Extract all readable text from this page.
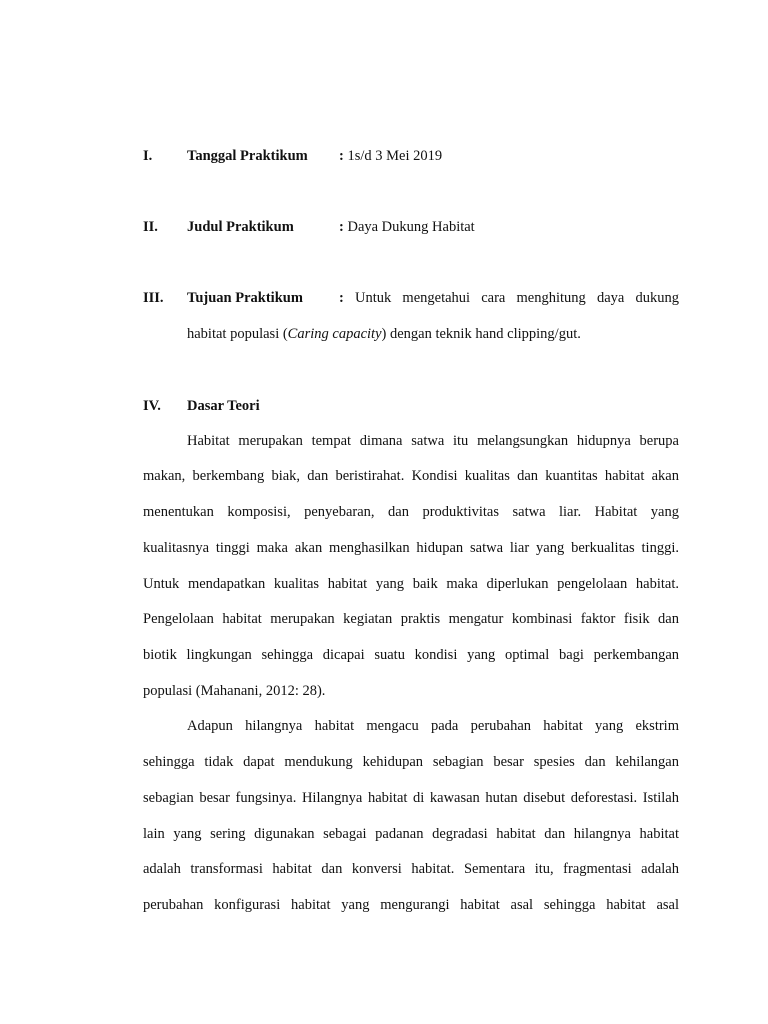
I. Tanggal Praktikum : 1s/d 3 Mei 2019
II. Judul Praktikum	: Daya Dukung Habitat
III. Tujuan Praktikum : Untuk mengetahui cara menghitung daya dukung
habitat populasi (Caring capacity) dengan teknik hand clipping/gut.
IV. Dasar Teori
Habitat merupakan tempat dimana satwa itu melangsungkan hidupnya berupa
makan, berkembang biak, dan beristirahat. Kondisi kualitas dan kuantitas habitat akan
menentukan komposisi, penyebaran, dan produktivitas satwa liar. Habitat yang
kualitasnya tinggi maka akan menghasilkan hidupan satwa liar yang berkualitas tinggi.
Untuk mendapatkan kualitas habitat yang baik maka diperlukan pengelolaan habitat.
Pengelolaan habitat merupakan kegiatan praktis mengatur kombinasi faktor fisik dan
biotik lingkungan sehingga dicapai suatu kondisi yang optimal bagi perkembangan
populasi (Mahanani, 2012: 28).
Adapun hilangnya habitat mengacu pada perubahan habitat yang ekstrim
sehingga tidak dapat mendukung kehidupan sebagian besar spesies dan kehilangan
sebagian besar fungsinya. Hilangnya habitat di kawasan hutan disebut deforestasi. Istilah
lain yang sering digunakan sebagai padanan degradasi habitat dan hilangnya habitat
adalah transformasi habitat dan konversi habitat. Sementara itu, fragmentasi adalah
perubahan konfigurasi habitat yang mengurangi habitat asal sehingga habitat asal
